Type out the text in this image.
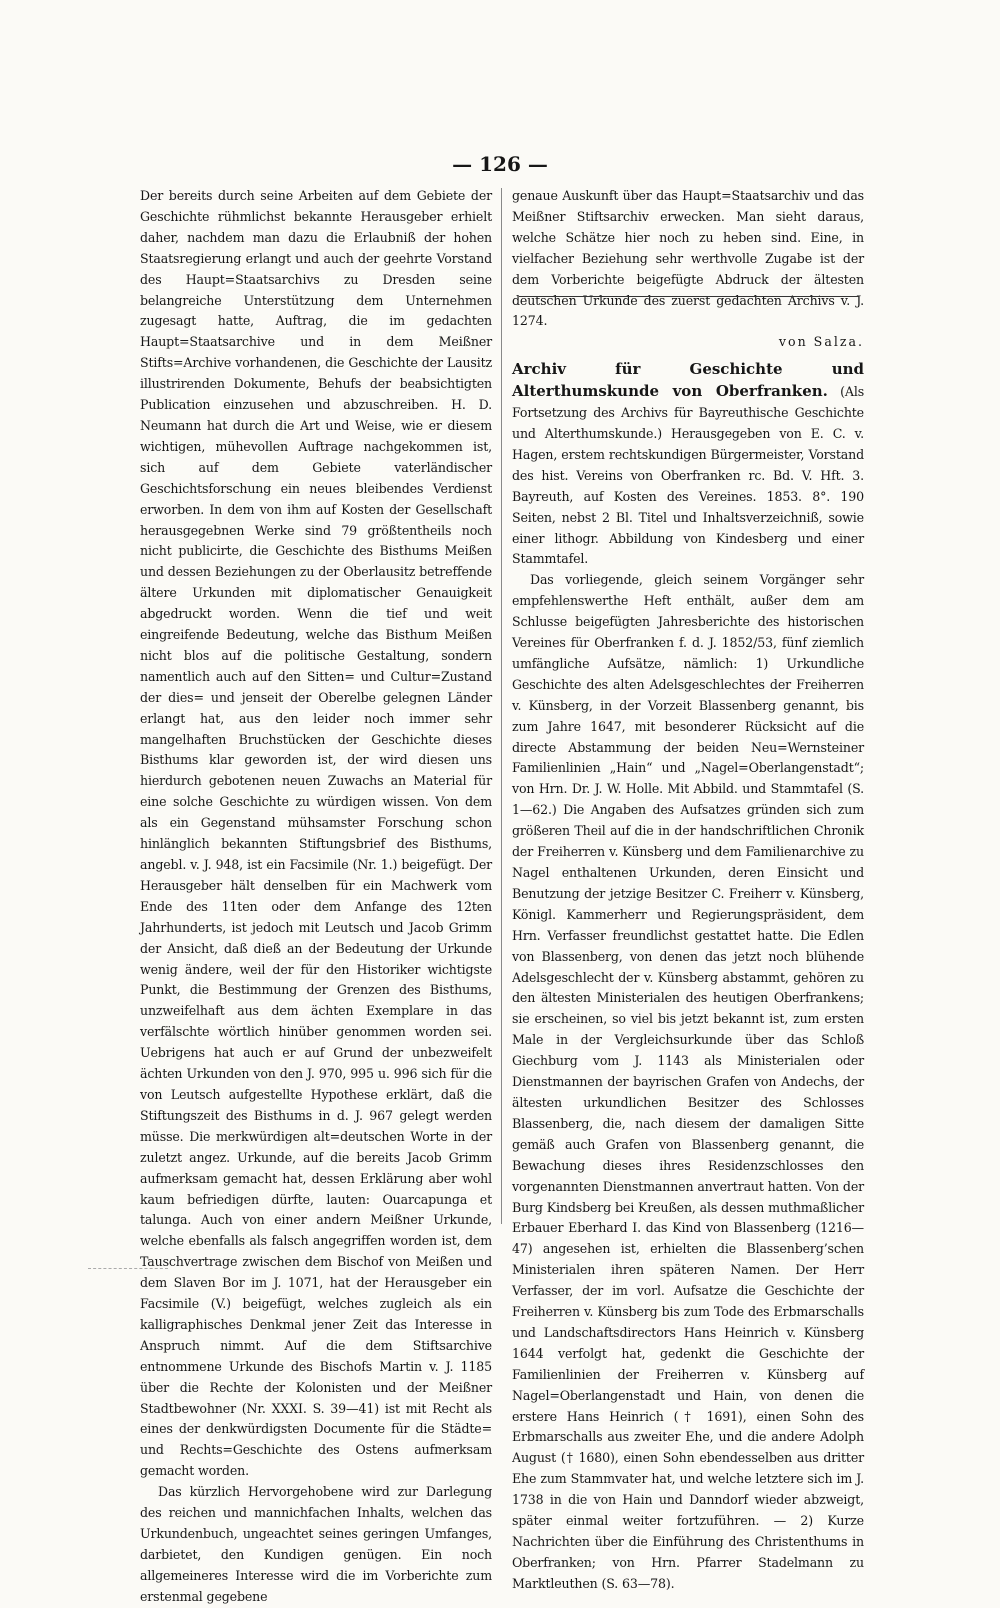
— 126 —

Der bereits durch seine Arbeiten auf dem Gebiete der Geschichte rühmlichst bekannte Herausgeber erhielt daher, nachdem man dazu die Erlaubniß der hohen Staatsregierung erlangt und auch der geehrte Vorstand des Haupt=Staatsarchivs zu Dresden seine belangreiche Unterstützung dem Unternehmen zugesagt hatte, Auftrag, die im gedachten Haupt=Staatsarchive und in dem Meißner Stifts=Archive vorhandenen, die Geschichte der Lausitz illustrirenden Dokumente, Behufs der beabsichtigten Publication einzusehen und abzuschreiben. H. D. Neumann hat durch die Art und Weise, wie er diesem wichtigen, mühevollen Auftrage nachgekommen ist, sich auf dem Gebiete vaterländischer Geschichtsforschung ein neues bleibendes Verdienst erworben. In dem von ihm auf Kosten der Gesellschaft herausgegebnen Werke sind 79 größtentheils noch nicht publicirte, die Geschichte des Bisthums Meißen und dessen Beziehungen zu der Oberlausitz betreffende ältere Urkunden mit diplomatischer Genauigkeit abgedruckt worden. Wenn die tief und weit eingreifende Bedeutung, welche das Bisthum Meißen nicht blos auf die politische Gestaltung, sondern namentlich auch auf den Sitten= und Cultur=Zustand der dies= und jenseit der Oberelbe gelegnen Länder erlangt hat, aus den leider noch immer sehr mangelhaften Bruchstücken der Geschichte dieses Bisthums klar geworden ist, der wird diesen uns hierdurch gebotenen neuen Zuwachs an Material für eine solche Geschichte zu würdigen wissen. Von dem als ein Gegenstand mühsamster Forschung schon hinlänglich bekannten Stiftungsbrief des Bisthums, angebl. v. J. 948, ist ein Facsimile (Nr. 1.) beigefügt. Der Herausgeber hält denselben für ein Machwerk vom Ende des 11ten oder dem Anfange des 12ten Jahrhunderts, ist jedoch mit Leutsch und Jacob Grimm der Ansicht, daß dieß an der Bedeutung der Urkunde wenig ändere, weil der für den Historiker wichtigste Punkt, die Bestimmung der Grenzen des Bisthums, unzweifelhaft aus dem ächten Exemplare in das verfälschte wörtlich hinüber genommen worden sei. Uebrigens hat auch er auf Grund der unbezweifelt ächten Urkunden von den J. 970, 995 u. 996 sich für die von Leutsch aufgestellte Hypothese erklärt, daß die Stiftungszeit des Bisthums in d. J. 967 gelegt werden müsse. Die merkwürdigen alt=deutschen Worte in der zuletzt angez. Urkunde, auf die bereits Jacob Grimm aufmerksam gemacht hat, dessen Erklärung aber wohl kaum befriedigen dürfte, lauten: Ouarcapunga et talunga. Auch von einer andern Meißner Urkunde, welche ebenfalls als falsch angegriffen worden ist, dem Tauschvertrage zwischen dem Bischof von Meißen und dem Slaven Bor im J. 1071, hat der Herausgeber ein Facsimile (V.) beigefügt, welches zugleich als ein kalligraphisches Denkmal jener Zeit das Interesse in Anspruch nimmt. Auf die dem Stiftsarchive entnommene Urkunde des Bischofs Martin v. J. 1185 über die Rechte der Kolonisten und der Meißner Stadtbewohner (Nr. XXXI. S. 39—41) ist mit Recht als eines der denkwürdigsten Documente für die Städte= und Rechts=Geschichte des Ostens aufmerksam gemacht worden.

Das kürzlich Hervorgehobene wird zur Darlegung des reichen und mannichfachen Inhalts, welchen das Urkundenbuch, ungeachtet seines geringen Umfanges, darbietet, den Kundigen genügen. Ein noch allgemeineres Interesse wird die im Vorberichte zum erstenmal gegebene

genaue Auskunft über das Haupt=Staatsarchiv und das Meißner Stiftsarchiv erwecken. Man sieht daraus, welche Schätze hier noch zu heben sind. Eine, in vielfacher Beziehung sehr werthvolle Zugabe ist der dem Vorberichte beigefügte Abdruck der ältesten deutschen Urkunde des zuerst gedachten Archivs v. J. 1274.

von Salza.

Archiv für Geschichte und Alterthumskunde von Oberfranken. (Als Fortsetzung des Archivs für Bayreuthische Geschichte und Alterthumskunde.) Herausgegeben von E. C. v. Hagen, erstem rechtskundigen Bürgermeister, Vorstand des hist. Vereins von Oberfranken rc. Bd. V. Hft. 3. Bayreuth, auf Kosten des Vereines. 1853. 8°. 190 Seiten, nebst 2 Bl. Titel und Inhaltsverzeichniß, sowie einer lithogr. Abbildung von Kindesberg und einer Stammtafel.

Das vorliegende, gleich seinem Vorgänger sehr empfehlenswerthe Heft enthält, außer dem am Schlusse beigefügten Jahresberichte des historischen Vereines für Oberfranken f. d. J. 1852/53, fünf ziemlich umfängliche Aufsätze, nämlich: 1) Urkundliche Geschichte des alten Adelsgeschlechtes der Freiherren v. Künsberg, in der Vorzeit Blassenberg genannt, bis zum Jahre 1647, mit besonderer Rücksicht auf die directe Abstammung der beiden Neu=Wernsteiner Familienlinien „Hain“ und „Nagel=Oberlangenstadt“; von Hrn. Dr. J. W. Holle. Mit Abbild. und Stammtafel (S. 1—62.) Die Angaben des Aufsatzes gründen sich zum größeren Theil auf die in der handschriftlichen Chronik der Freiherren v. Künsberg und dem Familienarchive zu Nagel enthaltenen Urkunden, deren Einsicht und Benutzung der jetzige Besitzer C. Freiherr v. Künsberg, Königl. Kammerherr und Regierungspräsident, dem Hrn. Verfasser freundlichst gestattet hatte. Die Edlen von Blassenberg, von denen das jetzt noch blühende Adelsgeschlecht der v. Künsberg abstammt, gehören zu den ältesten Ministerialen des heutigen Oberfrankens; sie erscheinen, so viel bis jetzt bekannt ist, zum ersten Male in der Vergleichsurkunde über das Schloß Giechburg vom J. 1143 als Ministerialen oder Dienstmannen der bayrischen Grafen von Andechs, der ältesten urkundlichen Besitzer des Schlosses Blassenberg, die, nach diesem der damaligen Sitte gemäß auch Grafen von Blassenberg genannt, die Bewachung dieses ihres Residenzschlosses den vorgenannten Dienstmannen anvertraut hatten. Von der Burg Kindsberg bei Kreußen, als dessen muthmaßlicher Erbauer Eberhard I. das Kind von Blassenberg (1216—47) angesehen ist, erhielten die Blassenberg’schen Ministerialen ihren späteren Namen. Der Herr Verfasser, der im vorl. Aufsatze die Geschichte der Freiherren v. Künsberg bis zum Tode des Erbmarschalls und Landschaftsdirectors Hans Heinrich v. Künsberg 1644 verfolgt hat, gedenkt die Geschichte der Familienlinien der Freiherren v. Künsberg auf Nagel=Oberlangenstadt und Hain, von denen die erstere Hans Heinrich († 1691), einen Sohn des Erbmarschalls aus zweiter Ehe, und die andere Adolph August († 1680), einen Sohn ebendesselben aus dritter Ehe zum Stammvater hat, und welche letztere sich im J. 1738 in die von Hain und Danndorf wieder abzweigt, später einmal weiter fortzuführen. — 2) Kurze Nachrichten über die Einführung des Christenthums in Oberfranken; von Hrn. Pfarrer Stadelmann zu Marktleuthen (S. 63—78).
